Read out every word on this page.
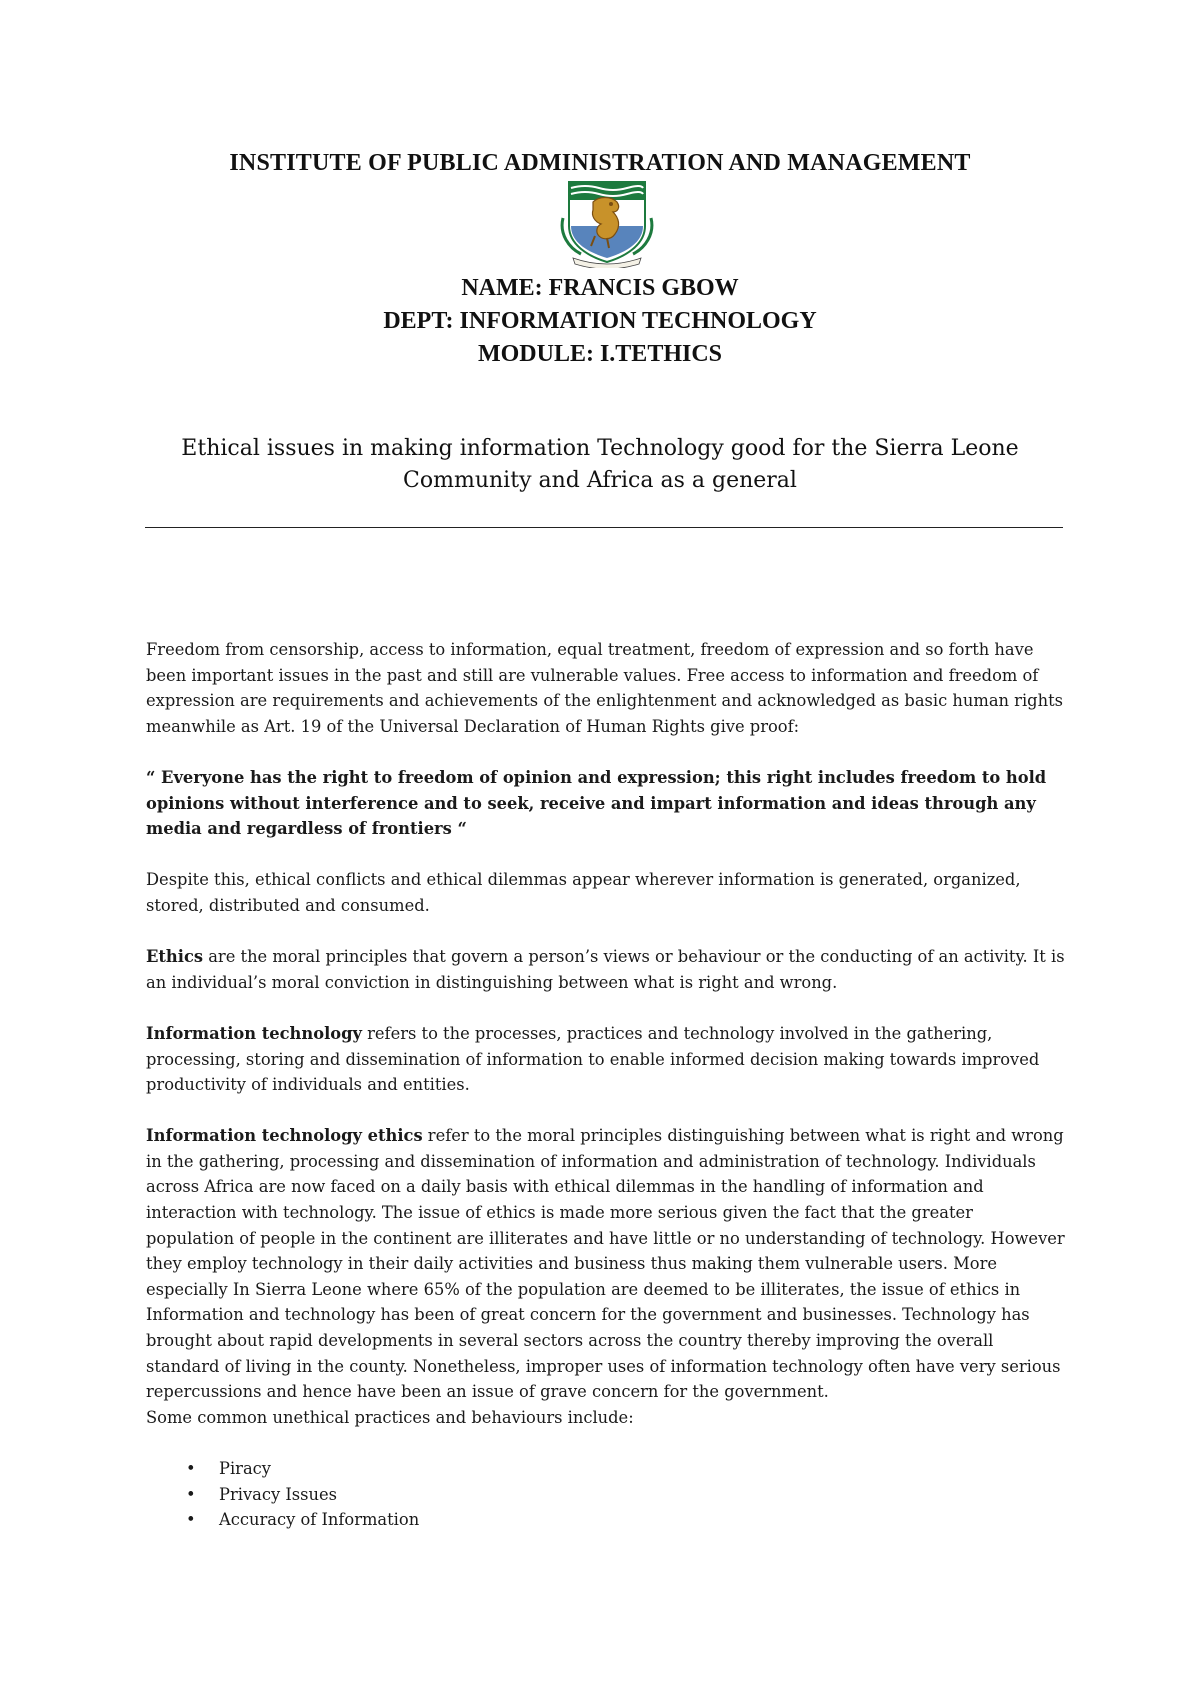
INSTITUTE OF PUBLIC ADMINISTRATION AND MANAGEMENT
NAME: FRANCIS GBOW
DEPT: INFORMATION TECHNOLOGY
MODULE: I.TETHICS
Ethical issues in making information Technology good for the Sierra Leone
Community and Africa as a general

Freedom from censorship, access to information, equal treatment, freedom of expression and so forth have been important issues in the past and still are vulnerable values. Free access to information and freedom of expression are requirements and achievements of the enlightenment and acknowledged as basic human rights meanwhile as Art. 19 of the Universal Declaration of Human Rights give proof:

“ Everyone has the right to freedom of opinion and expression; this right includes freedom to hold opinions without interference and to seek, receive and impart information and ideas through any media and regardless of frontiers “

Despite this, ethical conflicts and ethical dilemmas appear wherever information is generated, organized, stored, distributed and consumed.

Ethics are the moral principles that govern a person’s views or behaviour or the conducting of an activity. It is an individual’s moral conviction in distinguishing between what is right and wrong.

Information technology refers to the processes, practices and technology involved in the gathering, processing, storing and dissemination of information to enable informed decision making towards improved productivity of individuals and entities.

Information technology ethics refer to the moral principles distinguishing between what is right and wrong in the gathering, processing and dissemination of information and administration of technology. Individuals across Africa are now faced on a daily basis with ethical dilemmas in the handling of information and interaction with technology. The issue of ethics is made more serious given the fact that the greater population of people in the continent are illiterates and have little or no understanding of technology. However they employ technology in their daily activities and business thus making them vulnerable users. More especially In Sierra Leone where 65% of the population are deemed to be illiterates, the issue of ethics in Information and technology has been of great concern for the government and businesses. Technology has brought about rapid developments in several sectors across the country thereby improving the overall standard of living in the county. Nonetheless, improper uses of information technology often have very serious repercussions and hence have been an issue of grave concern for the government.

Some common unethical practices and behaviours include:

• Piracy
• Privacy Issues
• Accuracy of Information
